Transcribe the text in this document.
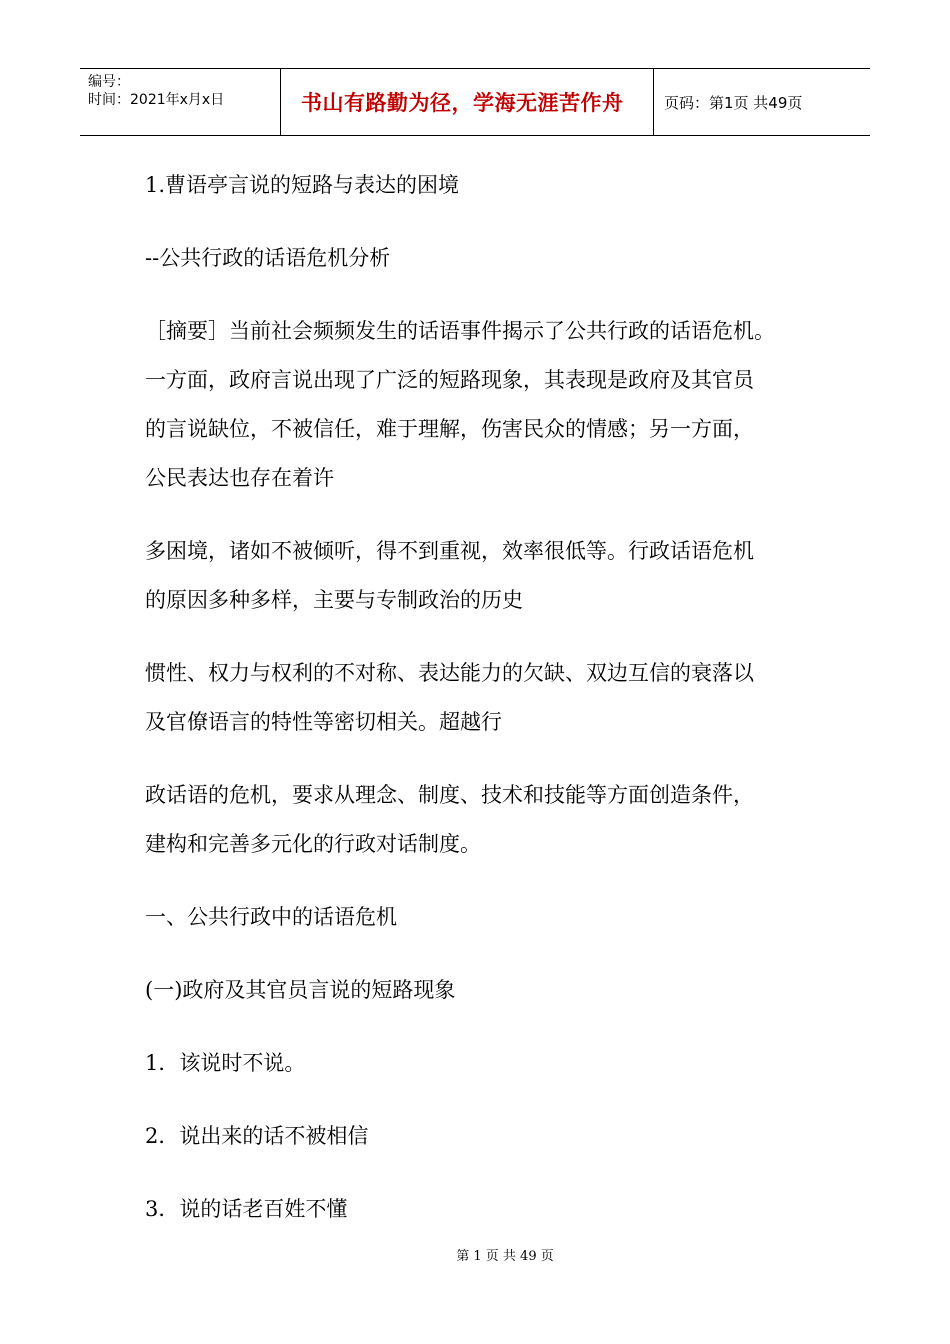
编号：
时间：2021年x月x日	书山有路勤为径，学海无涯苦作舟	页码：第1页 共49页
1.曹语亭言说的短路与表达的困境
--公共行政的话语危机分析
［摘要］当前社会频频发生的话语事件揭示了公共行政的话语危机。
一方面，政府言说出现了广泛的短路现象，其表现是政府及其官员
的言说缺位，不被信任，难于理解，伤害民众的情感；另一方面，
公民表达也存在着许
多困境，诸如不被倾听，得不到重视，效率很低等。行政话语危机
的原因多种多样，主要与专制政治的历史
惯性、权力与权利的不对称、表达能力的欠缺、双边互信的衰落以
及官僚语言的特性等密切相关。超越行
政话语的危机，要求从理念、制度、技术和技能等方面创造条件，
建构和完善多元化的行政对话制度。
一、公共行政中的话语危机
(一)政府及其官员言说的短路现象
1．该说时不说。
2．说出来的话不被相信
3．说的话老百姓不懂
第 1 页 共 49 页
